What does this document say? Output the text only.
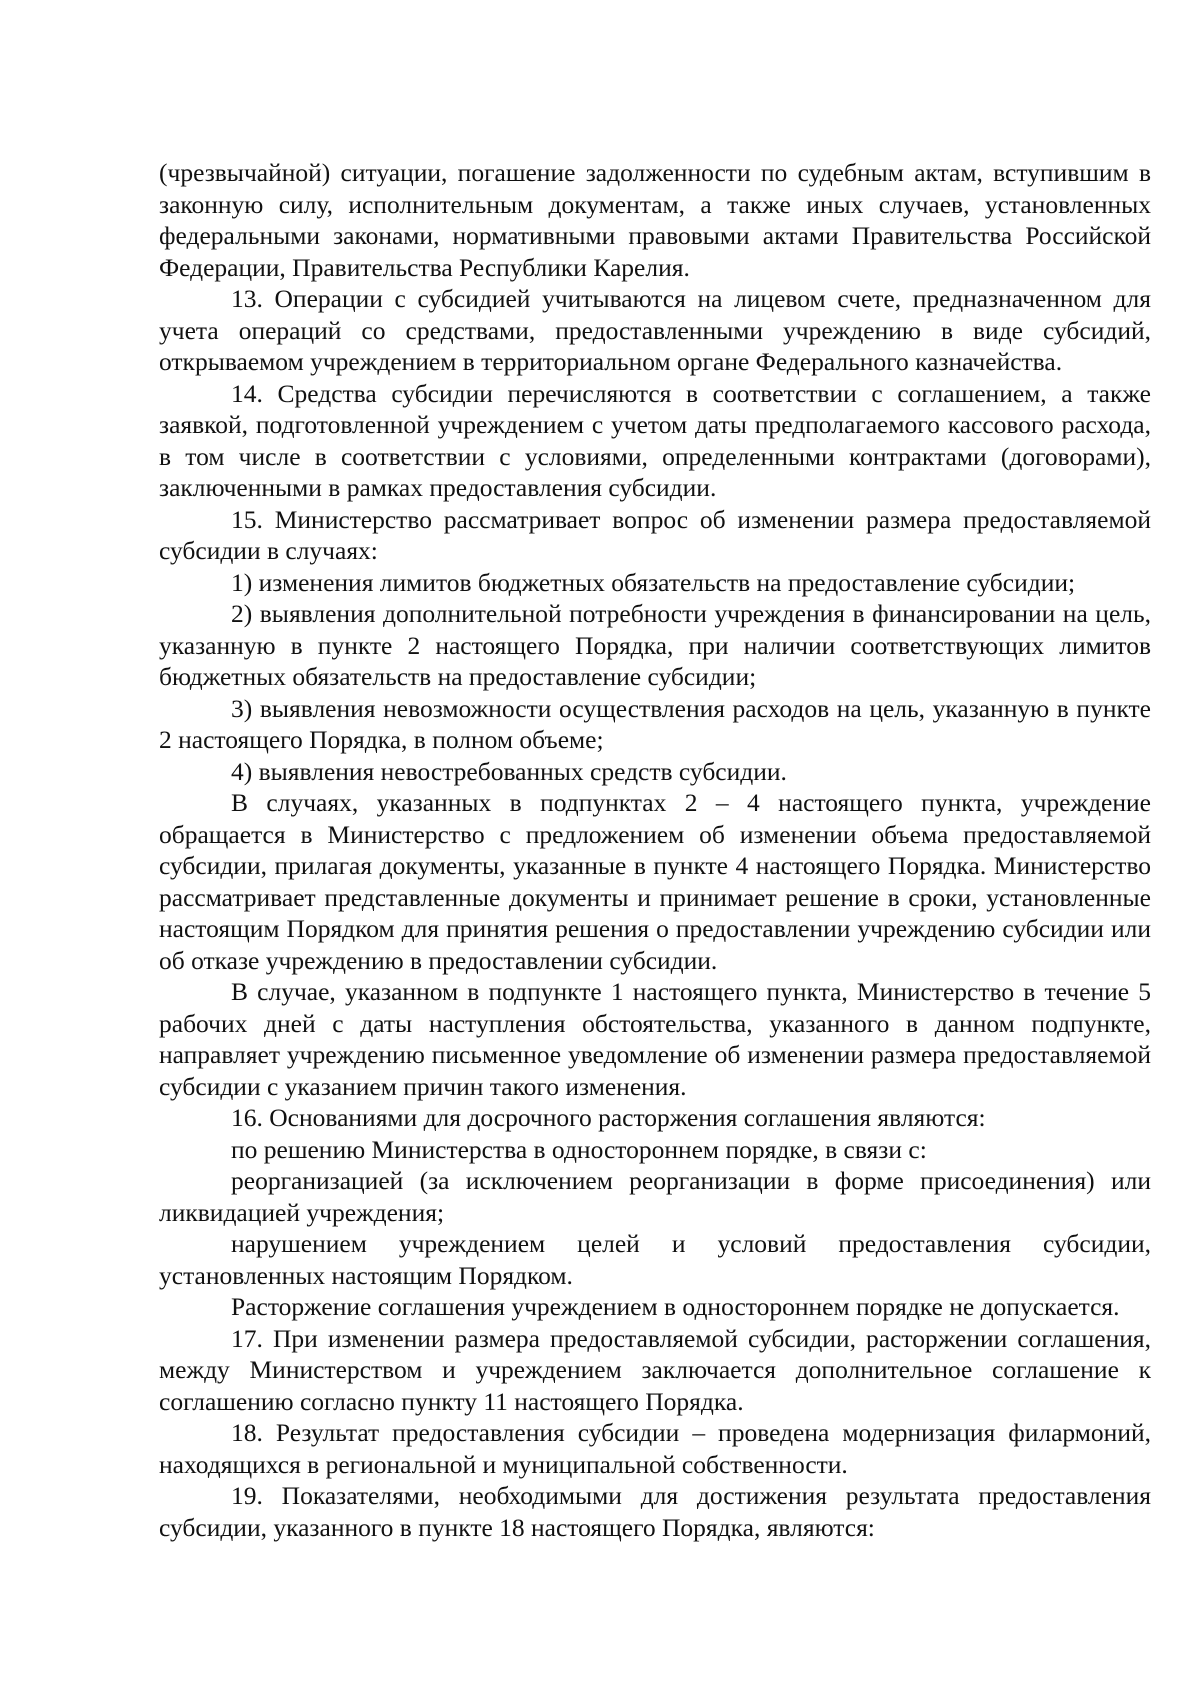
(чрезвычайной) ситуации, погашение задолженности по судебным актам, вступившим в законную силу, исполнительным документам, а также иных случаев, установленных федеральными законами, нормативными правовыми актами Правительства Российской Федерации, Правительства Республики Карелия.

13. Операции с субсидией учитываются на лицевом счете, предназначенном для учета операций со средствами, предоставленными учреждению в виде субсидий, открываемом учреждением в территориальном органе Федерального казначейства.

14. Средства субсидии перечисляются в соответствии с соглашением, а также заявкой, подготовленной учреждением с учетом даты предполагаемого кассового расхода, в том числе в соответствии с условиями, определенными контрактами (договорами), заключенными в рамках предоставления субсидии.

15. Министерство рассматривает вопрос об изменении размера предоставляемой субсидии в случаях:

1) изменения лимитов бюджетных обязательств на предоставление субсидии;

2) выявления дополнительной потребности учреждения в финансировании на цель, указанную в пункте 2 настоящего Порядка, при наличии соответствующих лимитов бюджетных обязательств на предоставление субсидии;

3) выявления невозможности осуществления расходов на цель, указанную в пункте 2 настоящего Порядка, в полном объеме;

4) выявления невостребованных средств субсидии.

В случаях, указанных в подпунктах 2 – 4 настоящего пункта, учреждение обращается в Министерство с предложением об изменении объема предоставляемой субсидии, прилагая документы, указанные в пункте 4 настоящего Порядка. Министерство рассматривает представленные документы и принимает решение в сроки, установленные настоящим Порядком для принятия решения о предоставлении учреждению субсидии или об отказе учреждению в предоставлении субсидии.

В случае, указанном в подпункте 1 настоящего пункта, Министерство в течение 5 рабочих дней с даты наступления обстоятельства, указанного в данном подпункте, направляет учреждению письменное уведомление об изменении размера предоставляемой субсидии с указанием причин такого изменения.

16. Основаниями для досрочного расторжения соглашения являются:

по решению Министерства в одностороннем порядке, в связи с:

реорганизацией (за исключением реорганизации в форме присоединения) или ликвидацией учреждения;

нарушением учреждением целей и условий предоставления субсидии, установленных настоящим Порядком.

Расторжение соглашения учреждением в одностороннем порядке не допускается.

17. При изменении размера предоставляемой субсидии, расторжении соглашения, между Министерством и учреждением заключается дополнительное соглашение к соглашению согласно пункту 11 настоящего Порядка.

18. Результат предоставления субсидии – проведена модернизация филармоний, находящихся в региональной и муниципальной собственности.

19. Показателями, необходимыми для достижения результата предоставления субсидии, указанного в пункте 18 настоящего Порядка, являются:
